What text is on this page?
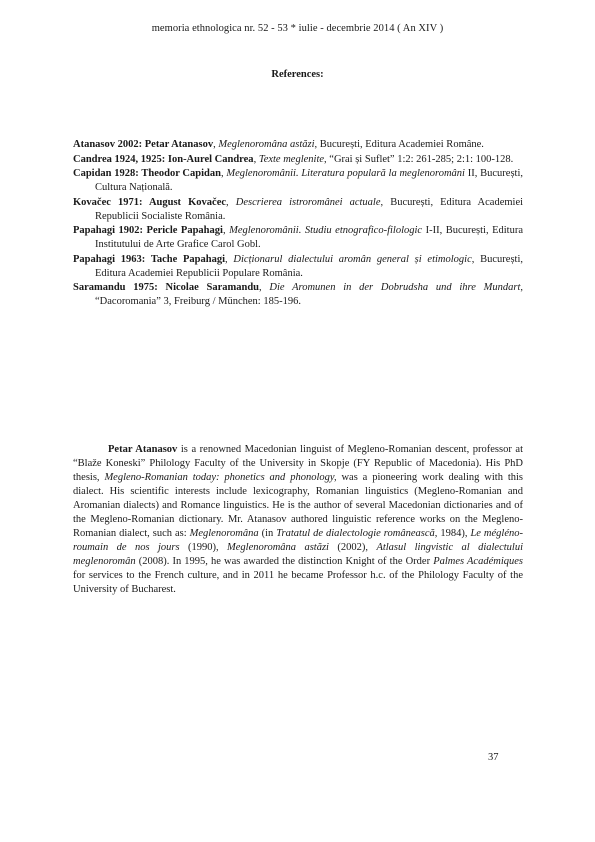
memoria ethnologica nr. 52 - 53 * iulie - decembrie 2014 ( An XIV )
References:

Atanasov 2002: Petar Atanasov, Meglenoromâna astăzi, București, Editura Academiei Române.

Candrea 1924, 1925: Ion-Aurel Candrea, Texte meglenite, “Grai și Suflet” 1:2: 261-285; 2:1: 100-128.

Capidan 1928: Theodor Capidan, Meglenoromânii. Literatura populară la meglenoromâni II, București, Cultura Națională.

Kovačec 1971: August Kovačec, Descrierea istroromânei actuale, București, Editura Academiei Republicii Socialiste România.

Papahagi 1902: Pericle Papahagi, Meglenoromânii. Studiu etnografico-filologic I-II, București, Editura Institutului de Arte Grafice Carol Gobl.

Papahagi 1963: Tache Papahagi, Dicționarul dialectului aromân general și etimologic, București, Editura Academiei Republicii Populare România.

Saramandu 1975: Nicolae Saramandu, Die Aromunen in der Dobrudsha und ihre Mundart, “Dacoromania” 3, Freiburg / München: 185-196.

Petar Atanasov is a renowned Macedonian linguist of Megleno-Romanian descent, professor at “Blaže Koneski” Philology Faculty of the University in Skopje (FY Republic of Macedonia). His PhD thesis, Megleno-Romanian today: phonetics and phonology, was a pioneering work dealing with this dialect. His scientific interests include lexicography, Romanian linguistics (Megleno-Romanian and Aromanian dialects) and Romance linguistics. He is the author of several Macedonian dictionaries and of the Megleno-Romanian dictionary. Mr. Atanasov authored linguistic reference works on the Megleno-Romanian dialect, such as: Meglenoromâna (in Tratatul de dialectologie românească, 1984), Le mégléno-roumain de nos jours (1990), Meglenoromâna astăzi (2002), Atlasul lingvistic al dialectului meglenoromân (2008). In 1995, he was awarded the distinction Knight of the Order Palmes Académiques for services to the French culture, and in 2011 he became Professor h.c. of the Philology Faculty of the University of Bucharest.

37
